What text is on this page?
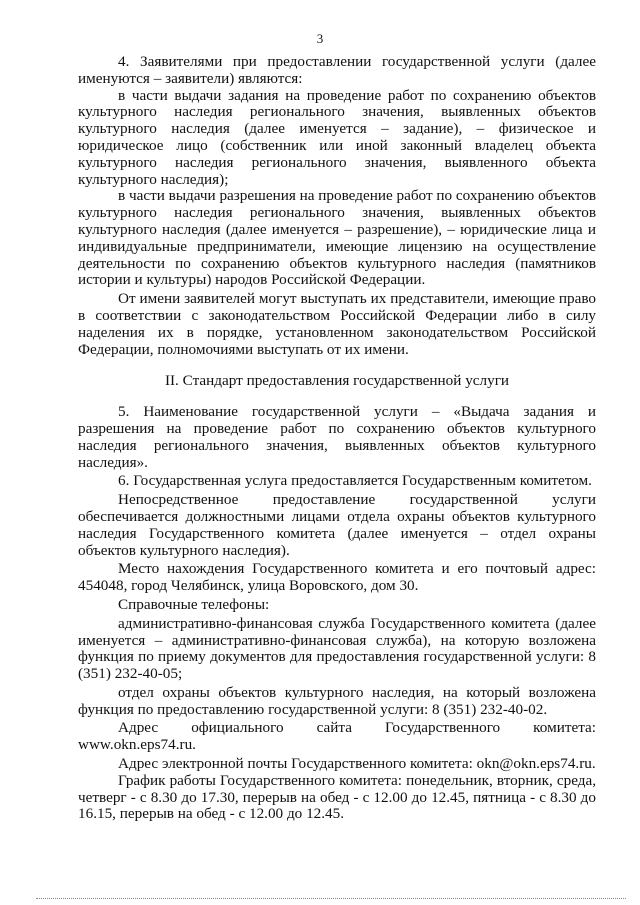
3

4. Заявителями при предоставлении государственной услуги (далее именуются – заявители) являются:

в части выдачи задания на проведение работ по сохранению объектов культурного наследия регионального значения, выявленных объектов культурного наследия (далее именуется – задание), – физическое и юридическое лицо (собственник или иной законный владелец объекта культурного наследия регионального значения, выявленного объекта культурного наследия);

в части выдачи разрешения на проведение работ по сохранению объектов культурного наследия регионального значения, выявленных объектов культурного наследия (далее именуется – разрешение), – юридические лица и индивидуальные предприниматели, имеющие лицензию на осуществление деятельности по сохранению объектов культурного наследия (памятников истории и культуры) народов Российской Федерации.

От имени заявителей могут выступать их представители, имеющие право в соответствии с законодательством Российской Федерации либо в силу наделения их в порядке, установленном законодательством Российской Федерации, полномочиями выступать от их имени.

II. Стандарт предоставления государственной услуги

5. Наименование государственной услуги – «Выдача задания и разрешения на проведение работ по сохранению объектов культурного наследия регионального значения, выявленных объектов культурного наследия».

6. Государственная услуга предоставляется Государственным комитетом.

Непосредственное предоставление государственной услуги обеспечивается должностными лицами отдела охраны объектов культурного наследия Государственного комитета (далее именуется – отдел охраны объектов культурного наследия).

Место нахождения Государственного комитета и его почтовый адрес: 454048, город Челябинск, улица Воровского, дом 30.

Справочные телефоны:

административно-финансовая служба Государственного комитета (далее именуется – административно-финансовая служба), на которую возложена функция по приему документов для предоставления государственной услуги: 8 (351) 232-40-05;

отдел охраны объектов культурного наследия, на который возложена функция по предоставлению государственной услуги: 8 (351) 232-40-02.

Адрес официального сайта Государственного комитета: www.okn.eps74.ru.

Адрес электронной почты Государственного комитета: okn@okn.eps74.ru.

График работы Государственного комитета: понедельник, вторник, среда, четверг - с 8.30 до 17.30, перерыв на обед - с 12.00 до 12.45, пятница - с 8.30 до 16.15, перерыв на обед - с 12.00 до 12.45.
